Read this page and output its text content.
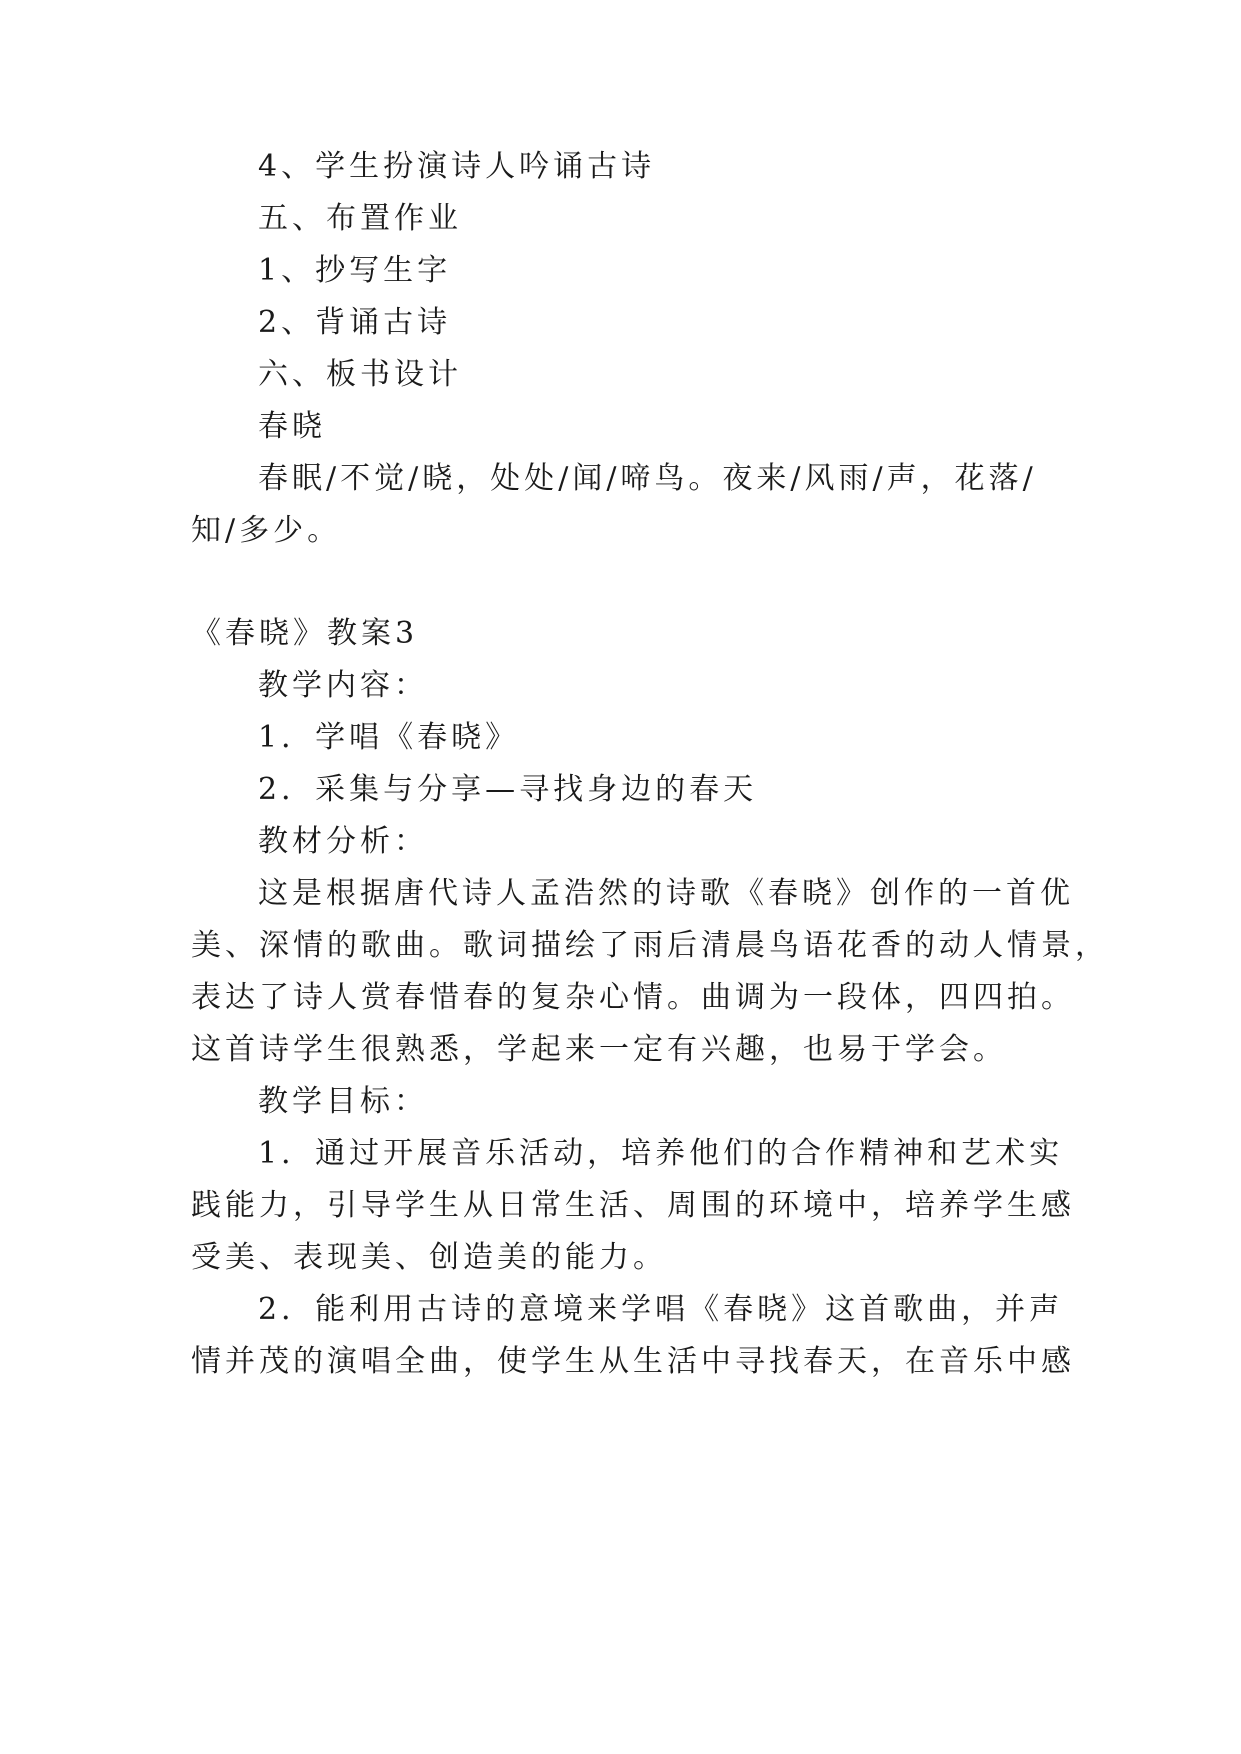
4、学生扮演诗人吟诵古诗
五、布置作业
1、抄写生字
2、背诵古诗
六、板书设计
春晓
春眠/不觉/晓，处处/闻/啼鸟。夜来/风雨/声，花落/
知/多少。
《春晓》教案3
教学内容：
1．学唱《春晓》
2．采集与分享—寻找身边的春天
教材分析：
这是根据唐代诗人孟浩然的诗歌《春晓》创作的一首优
美、深情的歌曲。歌词描绘了雨后清晨鸟语花香的动人情景，
表达了诗人赏春惜春的复杂心情。曲调为一段体，四四拍。
这首诗学生很熟悉，学起来一定有兴趣，也易于学会。
教学目标：
1．通过开展音乐活动，培养他们的合作精神和艺术实
践能力，引导学生从日常生活、周围的环境中，培养学生感
受美、表现美、创造美的能力。
2．能利用古诗的意境来学唱《春晓》这首歌曲，并声
情并茂的演唱全曲，使学生从生活中寻找春天，在音乐中感
